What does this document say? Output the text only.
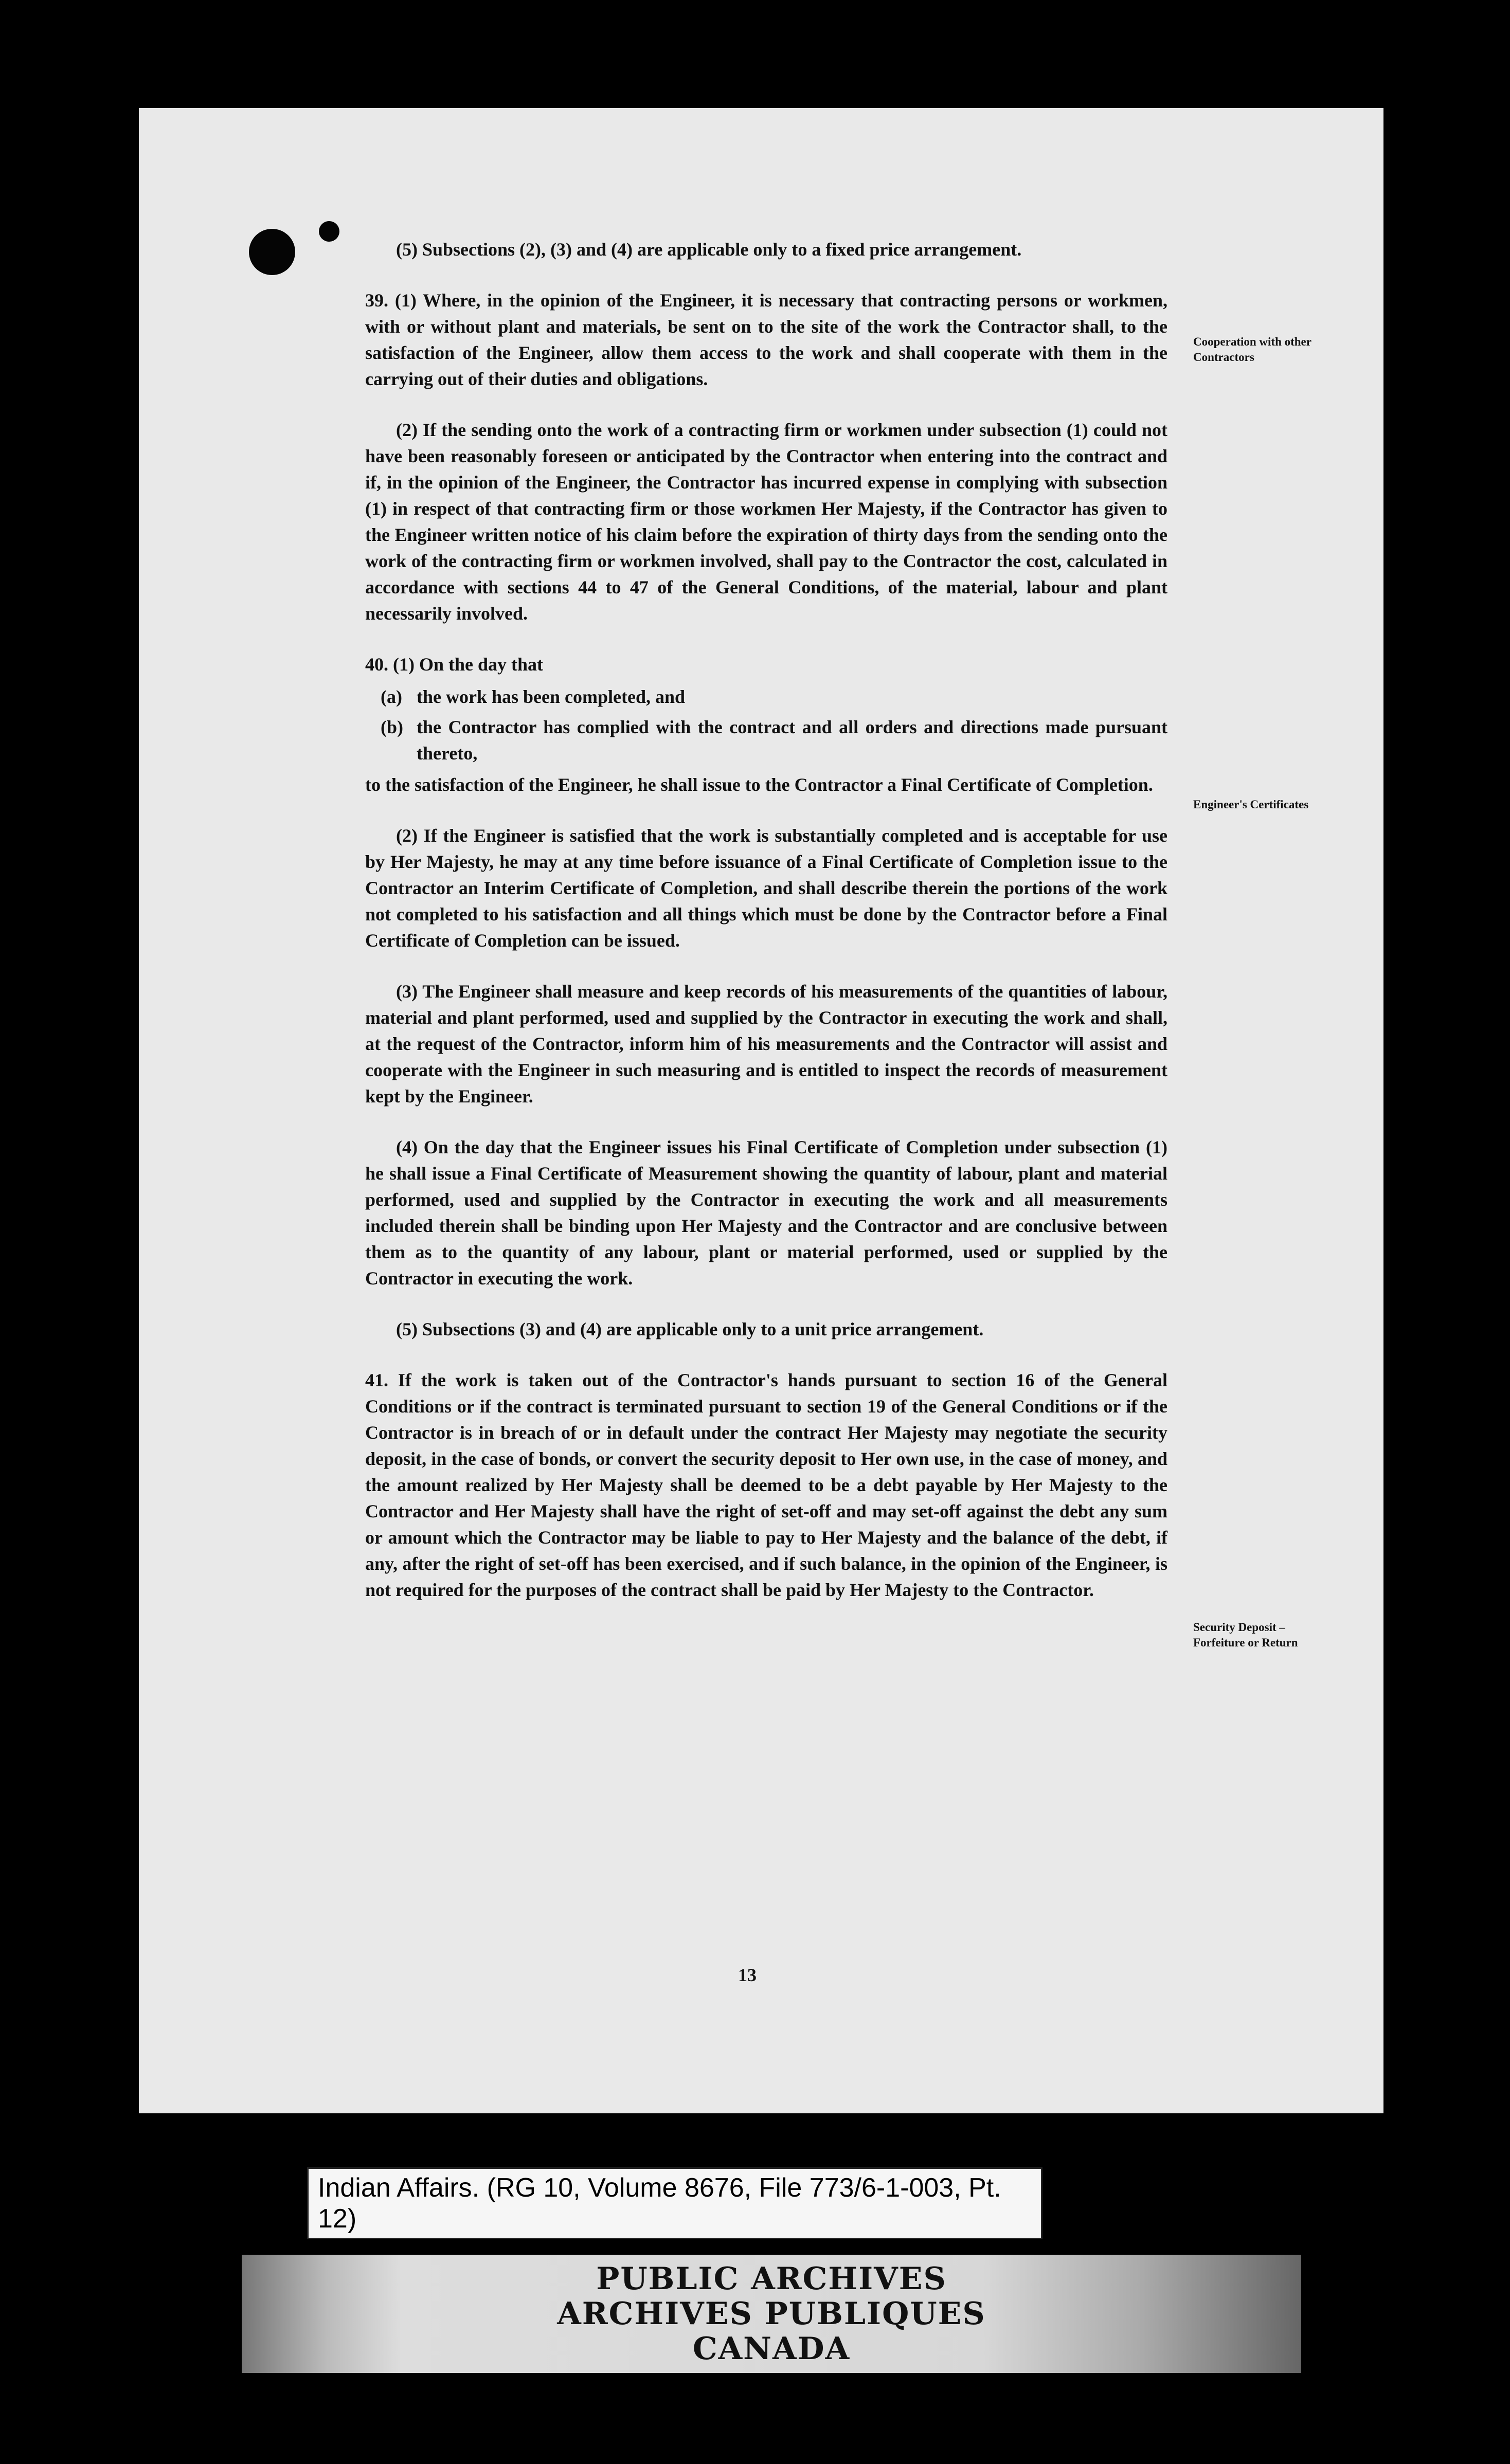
(5) Subsections (2), (3) and (4) are applicable only to a fixed price arrangement.

39. (1) Where, in the opinion of the Engineer, it is necessary that contracting persons or workmen, with or without plant and materials, be sent on to the site of the work the Contractor shall, to the satisfaction of the Engineer, allow them access to the work and shall cooperate with them in the carrying out of their duties and obligations.

(2) If the sending onto the work of a contracting firm or workmen under subsection (1) could not have been reasonably foreseen or anticipated by the Contractor when entering into the contract and if, in the opinion of the Engineer, the Contractor has incurred expense in complying with subsection (1) in respect of that contracting firm or those workmen Her Majesty, if the Contractor has given to the Engineer written notice of his claim before the expiration of thirty days from the sending onto the work of the contracting firm or workmen involved, shall pay to the Contractor the cost, calculated in accordance with sections 44 to 47 of the General Conditions, of the material, labour and plant necessarily involved.

40. (1) On the day that

(a) the work has been completed, and
(b) the Contractor has complied with the contract and all orders and directions made pursuant thereto,

to the satisfaction of the Engineer, he shall issue to the Contractor a Final Certificate of Completion.

(2) If the Engineer is satisfied that the work is substantially completed and is acceptable for use by Her Majesty, he may at any time before issuance of a Final Certificate of Completion issue to the Contractor an Interim Certificate of Completion, and shall describe therein the portions of the work not completed to his satisfaction and all things which must be done by the Contractor before a Final Certificate of Completion can be issued.

(3) The Engineer shall measure and keep records of his measurements of the quantities of labour, material and plant performed, used and supplied by the Contractor in executing the work and shall, at the request of the Contractor, inform him of his measurements and the Contractor will assist and cooperate with the Engineer in such measuring and is entitled to inspect the records of measurement kept by the Engineer.

(4) On the day that the Engineer issues his Final Certificate of Completion under subsection (1) he shall issue a Final Certificate of Measurement showing the quantity of labour, plant and material performed, used and supplied by the Contractor in executing the work and all measurements included therein shall be binding upon Her Majesty and the Contractor and are conclusive between them as to the quantity of any labour, plant or material performed, used or supplied by the Contractor in executing the work.

(5) Subsections (3) and (4) are applicable only to a unit price arrangement.

41. If the work is taken out of the Contractor's hands pursuant to section 16 of the General Conditions or if the contract is terminated pursuant to section 19 of the General Conditions or if the Contractor is in breach of or in default under the contract Her Majesty may negotiate the security deposit, in the case of bonds, or convert the security deposit to Her own use, in the case of money, and the amount realized by Her Majesty shall be deemed to be a debt payable by Her Majesty to the Contractor and Her Majesty shall have the right of set-off and may set-off against the debt any sum or amount which the Contractor may be liable to pay to Her Majesty and the balance of the debt, if any, after the right of set-off has been exercised, and if such balance, in the opinion of the Engineer, is not required for the purposes of the contract shall be paid by Her Majesty to the Contractor.

Cooperation with other Contractors
Engineer's Certificates
Security Deposit – Forfeiture or Return
13
Indian Affairs. (RG 10, Volume 8676, File 773/6-1-003, Pt. 12)
PUBLIC ARCHIVES
ARCHIVES PUBLIQUES
CANADA
